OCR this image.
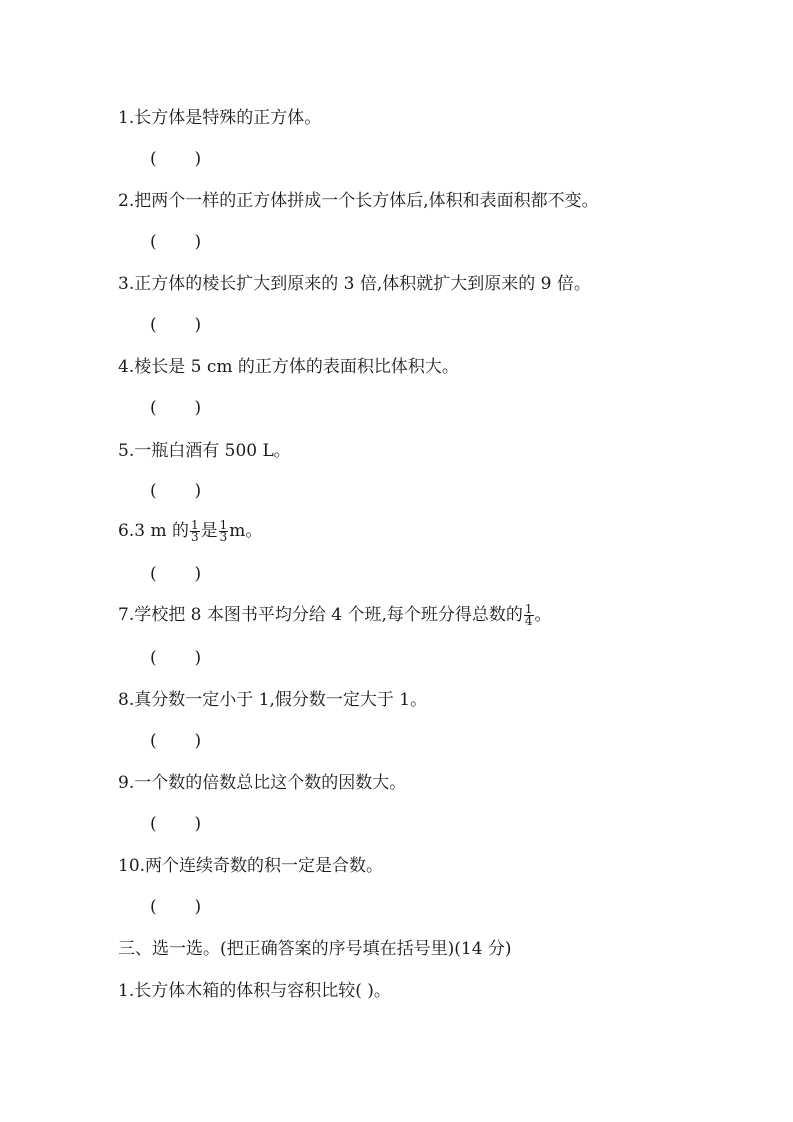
1.长方体是特殊的正方体。
(       )
2.把两个一样的正方体拼成一个长方体后,体积和表面积都不变。
(       )
3.正方体的棱长扩大到原来的 3 倍,体积就扩大到原来的 9 倍。
(       )
4.棱长是 5 cm 的正方体的表面积比体积大。
(       )
5.一瓶白酒有 500 L。
(       )
6.3 m 的 $\frac{1}{3}$ 是 $\frac{1}{3}$ m。
(       )
7.学校把 8 本图书平均分给 4 个班,每个班分得总数的 $\frac{1}{4}$ 。
(       )
8.真分数一定小于 1,假分数一定大于 1。
(       )
9.一个数的倍数总比这个数的因数大。
(       )
10.两个连续奇数的积一定是合数。
(       )
三、选一选。(把正确答案的序号填在括号里)(14 分)
1.长方体木箱的体积与容积比较( )。
